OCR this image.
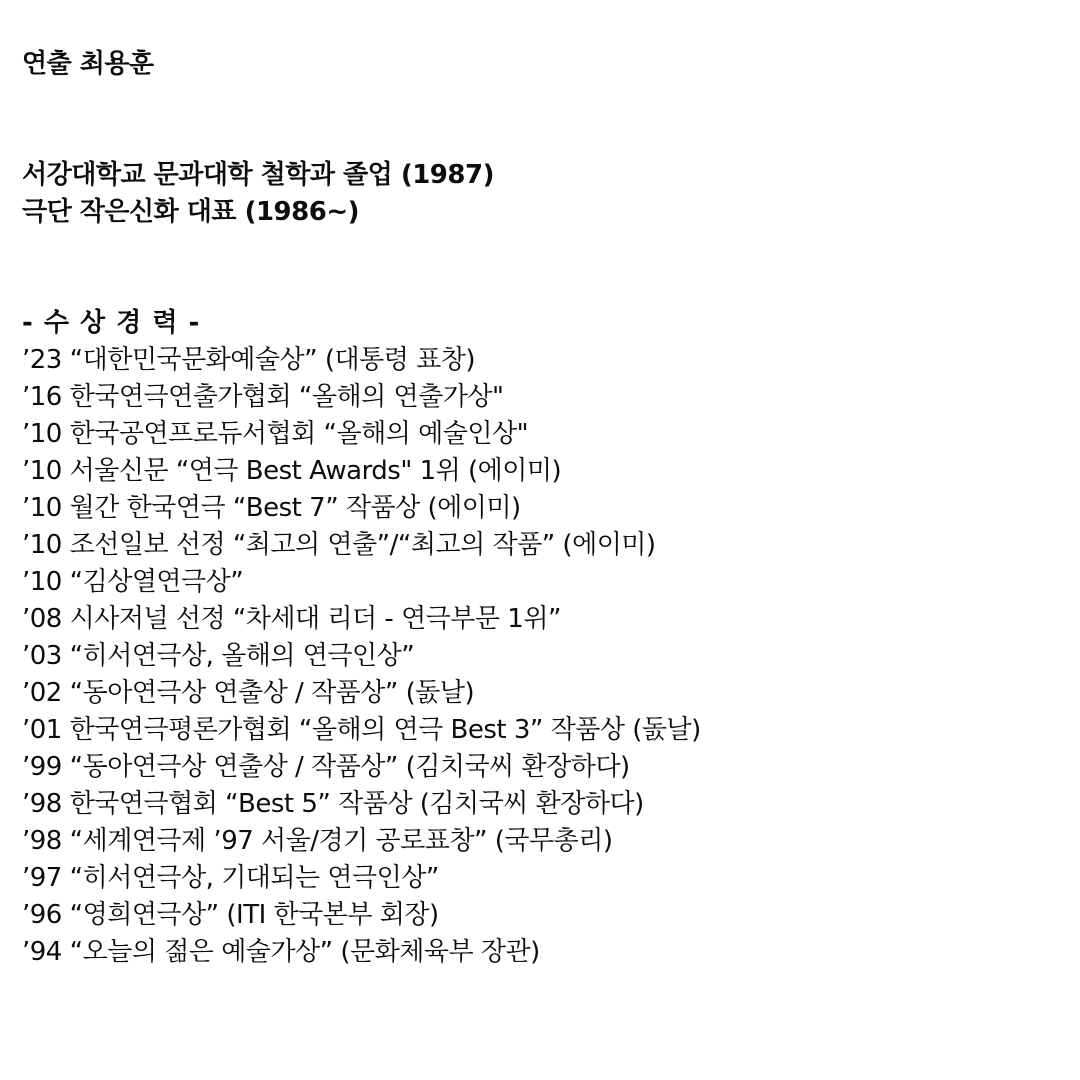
연출 최용훈
서강대학교 문과대학 철학과 졸업 (1987)
극단 작은신화 대표 (1986~)
- 수 상 경 력 -
’23 “대한민국문화예술상” (대통령 표창)
’16 한국연극연출가협회 “올해의 연출가상"
’10 한국공연프로듀서협회 “올해의 예술인상"
’10 서울신문 “연극 Best Awards" 1위 (에이미)
’10 월간 한국연극 “Best 7” 작품상 (에이미)
’10 조선일보 선정 “최고의 연출”/“최고의 작품” (에이미)
’10 “김상열연극상”
’08 시사저널 선정 “차세대 리더 - 연극부문 1위”
’03 “히서연극상, 올해의 연극인상”
’02 “동아연극상 연출상 / 작품상” (돐날)
’01 한국연극평론가협회 “올해의 연극 Best 3” 작품상 (돐날)
’99 “동아연극상 연출상 / 작품상” (김치국씨 환장하다)
’98 한국연극협회 “Best 5” 작품상 (김치국씨 환장하다)
’98 “세계연극제 ’97 서울/경기 공로표창” (국무총리)
’97 “히서연극상, 기대되는 연극인상”
’96 “영희연극상” (ITI 한국본부 회장)
’94 “오늘의 젊은 예술가상” (문화체육부 장관)
